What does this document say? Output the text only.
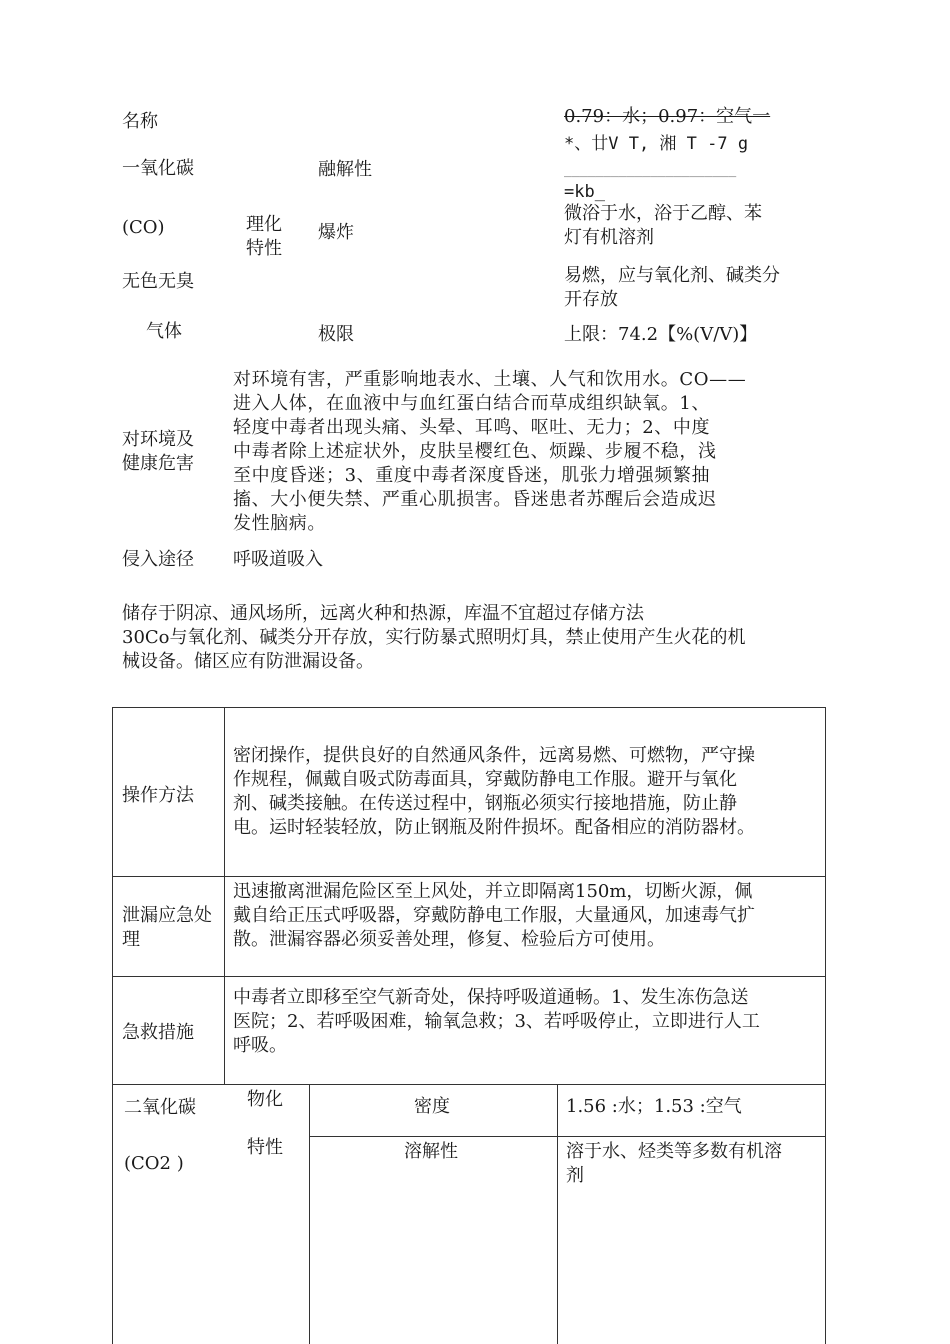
名称
一氧化碳
(CO)
无色无臭
气体
理化
特性
融解性
爆炸
极限
0.79：水；0.97：空气一
*、廿V T, 湘 T -7 g
______________________
=kb_
微浴于水，浴于乙醇、苯
灯有机溶剂
易燃，应与氧化剂、碱类分
开存放
上限：74.2【%(V/V)】
对环境及
健康危害
对环境有害，严重影响地表水、土壤、人气和饮用水。CO——
进入人体，在血液中与血红蛋白结合而草成组织缺氧。1、
轻度中毒者出现头痛、头晕、耳鸣、呕吐、无力；2、中度
中毒者除上述症状外，皮肤呈樱红色、烦躁、步履不稳，浅
至中度昏迷；3、重度中毒者深度昏迷，肌张力增强频繁抽
搐、大小便失禁、严重心肌损害。昏迷患者苏醒后会造成迟
发性脑病。
侵入途径 呼吸道吸入
储存于阴凉、通风场所，远离火种和热源，库温不宜超过存储方法
30Co与氧化剂、碱类分开存放，实行防暴式照明灯具，禁止使用产生火花的机
械设备。储区应有防泄漏设备。
操作方法
密闭操作，提供良好的自然通风条件，远离易燃、可燃物，严守操
作规程，佩戴自吸式防毒面具，穿戴防静电工作服。避开与氧化
剂、碱类接触。在传送过程中，钢瓶必须实行接地措施，防止静
电。运时轻装轻放，防止钢瓶及附件损坏。配备相应的消防器材。
泄漏应急处
理
迅速撤离泄漏危险区至上风处，并立即隔离150m，切断火源，佩
戴自给正压式呼吸器，穿戴防静电工作服，大量通风，加速毒气扩
散。泄漏容器必须妥善处理，修复、检验后方可使用。
急救措施
中毒者立即移至空气新奇处，保持呼吸道通畅。1、发生冻伤急送
医院；2、若呼吸困难，输氧急救；3、若呼吸停止，立即进行人工
呼吸。
二氧化碳
(CO2 )
物化
特性
密度	1.56 :水；1.53 :空气
溶解性	溶于水、烃类等多数有机溶
剂
